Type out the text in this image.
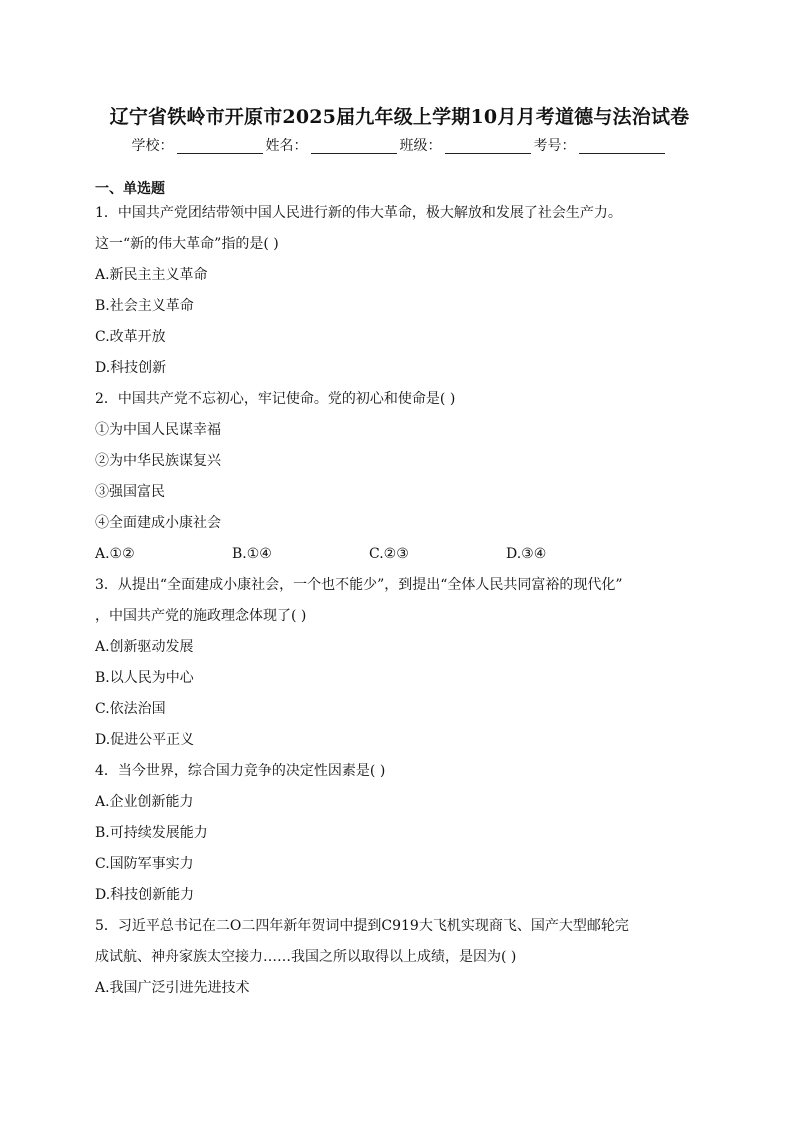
辽宁省铁岭市开原市2025届九年级上学期10月月考道德与法治试卷
学校：	姓名：	班级：	考号：
一、单选题
1．中国共产党团结带领中国人民进行新的伟大革命，极大解放和发展了社会生产力。
这一“新的伟大革命”指的是( )
A.新民主主义革命
B.社会主义革命
C.改革开放
D.科技创新
2．中国共产党不忘初心，牢记使命。党的初心和使命是( )
①为中国人民谋幸福
②为中华民族谋复兴
③强国富民
④全面建成小康社会
A.①②	B.①④	C.②③	D.③④
3．从提出“全面建成小康社会，一个也不能少”，到提出“全体人民共同富裕的现代化”
，中国共产党的施政理念体现了( )
A.创新驱动发展
B.以人民为中心
C.依法治国
D.促进公平正义
4．当今世界，综合国力竞争的决定性因素是( )
A.企业创新能力
B.可持续发展能力
C.国防军事实力
D.科技创新能力
5．习近平总书记在二O二四年新年贺词中提到C919大飞机实现商飞、国产大型邮轮完
成试航、神舟家族太空接力……我国之所以取得以上成绩，是因为( )
A.我国广泛引进先进技术
